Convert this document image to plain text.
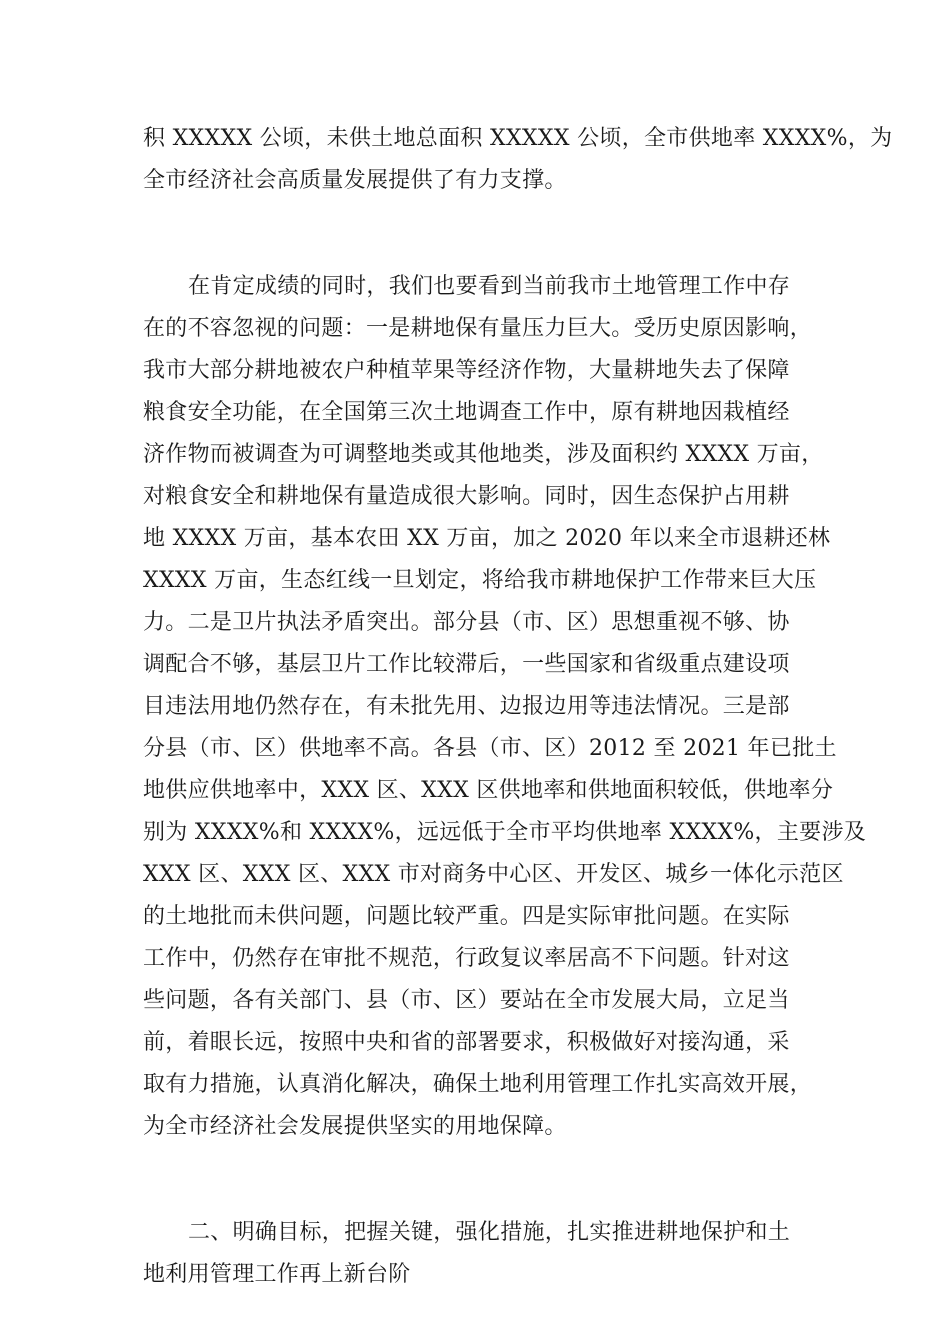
积 XXXXX 公顷，未供土地总面积 XXXXX 公顷，全市供地率 XXXX%，为
全市经济社会高质量发展提供了有力支撑。
在肯定成绩的同时，我们也要看到当前我市土地管理工作中存
在的不容忽视的问题：一是耕地保有量压力巨大。受历史原因影响，
我市大部分耕地被农户种植苹果等经济作物，大量耕地失去了保障
粮食安全功能，在全国第三次土地调查工作中，原有耕地因栽植经
济作物而被调查为可调整地类或其他地类，涉及面积约 XXXX 万亩，
对粮食安全和耕地保有量造成很大影响。同时，因生态保护占用耕
地 XXXX 万亩，基本农田 XX 万亩，加之 2020 年以来全市退耕还林
XXXX 万亩，生态红线一旦划定，将给我市耕地保护工作带来巨大压
力。二是卫片执法矛盾突出。部分县（市、区）思想重视不够、协
调配合不够，基层卫片工作比较滞后，一些国家和省级重点建设项
目违法用地仍然存在，有未批先用、边报边用等违法情况。三是部
分县（市、区）供地率不高。各县（市、区）2012 至 2021 年已批土
地供应供地率中，XXX 区、XXX 区供地率和供地面积较低，供地率分
别为 XXXX%和 XXXX%，远远低于全市平均供地率 XXXX%，主要涉及
XXX 区、XXX 区、XXX 市对商务中心区、开发区、城乡一体化示范区
的土地批而未供问题，问题比较严重。四是实际审批问题。在实际
工作中，仍然存在审批不规范，行政复议率居高不下问题。针对这
些问题，各有关部门、县（市、区）要站在全市发展大局，立足当
前，着眼长远，按照中央和省的部署要求，积极做好对接沟通，采
取有力措施，认真消化解决，确保土地利用管理工作扎实高效开展，
为全市经济社会发展提供坚实的用地保障。
二、明确目标，把握关键，强化措施，扎实推进耕地保护和土
地利用管理工作再上新台阶
